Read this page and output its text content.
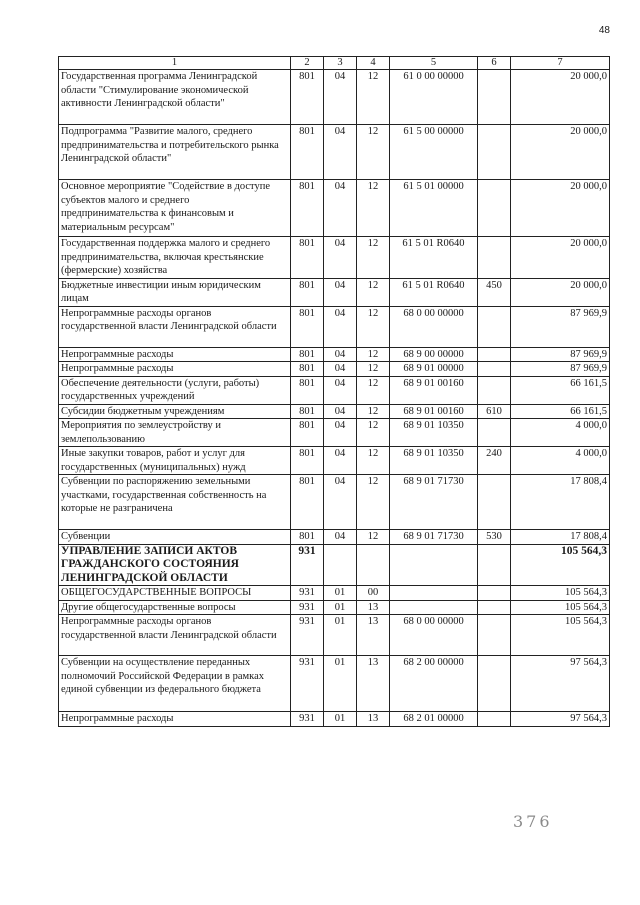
48
1	2	3	4	5	6	7
Государственная программа Ленинградской области "Стимулирование экономической активности Ленинградской области"	801	04	12	61 0 00 00000		20 000,0
Подпрограмма "Развитие малого, среднего предпринимательства и потребительского рынка Ленинградской области"	801	04	12	61 5 00 00000		20 000,0
Основное мероприятие "Содействие в доступе субъектов малого и среднего предпринимательства к финансовым и материальным ресурсам"	801	04	12	61 5 01 00000		20 000,0
Государственная поддержка малого и среднего предпринимательства, включая крестьянские (фермерские) хозяйства	801	04	12	61 5 01 R0640		20 000,0
Бюджетные инвестиции иным юридическим лицам	801	04	12	61 5 01 R0640	450	20 000,0
Непрограммные расходы органов государственной власти Ленинградской области	801	04	12	68 0 00 00000		87 969,9
Непрограммные расходы	801	04	12	68 9 00 00000		87 969,9
Непрограммные расходы	801	04	12	68 9 01 00000		87 969,9
Обеспечение деятельности (услуги, работы) государственных учреждений	801	04	12	68 9 01 00160		66 161,5
Субсидии бюджетным учреждениям	801	04	12	68 9 01 00160	610	66 161,5
Мероприятия по землеустройству и землепользованию	801	04	12	68 9 01 10350		4 000,0
Иные закупки товаров, работ и услуг для государственных (муниципальных) нужд	801	04	12	68 9 01 10350	240	4 000,0
Субвенции по распоряжению земельными участками, государственная собственность на которые не разграничена	801	04	12	68 9 01 71730		17 808,4
Субвенции	801	04	12	68 9 01 71730	530	17 808,4
УПРАВЛЕНИЕ ЗАПИСИ АКТОВ ГРАЖДАНСКОГО СОСТОЯНИЯ ЛЕНИНГРАДСКОЙ ОБЛАСТИ	931					105 564,3
ОБЩЕГОСУДАРСТВЕННЫЕ ВОПРОСЫ	931	01	00			105 564,3
Другие общегосударственные вопросы	931	01	13			105 564,3
Непрограммные расходы органов государственной власти Ленинградской области	931	01	13	68 0 00 00000		105 564,3
Субвенции на осуществление переданных полномочий Российской Федерации в рамках единой субвенции из федерального бюджета	931	01	13	68 2 00 00000		97 564,3
Непрограммные расходы	931	01	13	68 2 01 00000		97 564,3
376
